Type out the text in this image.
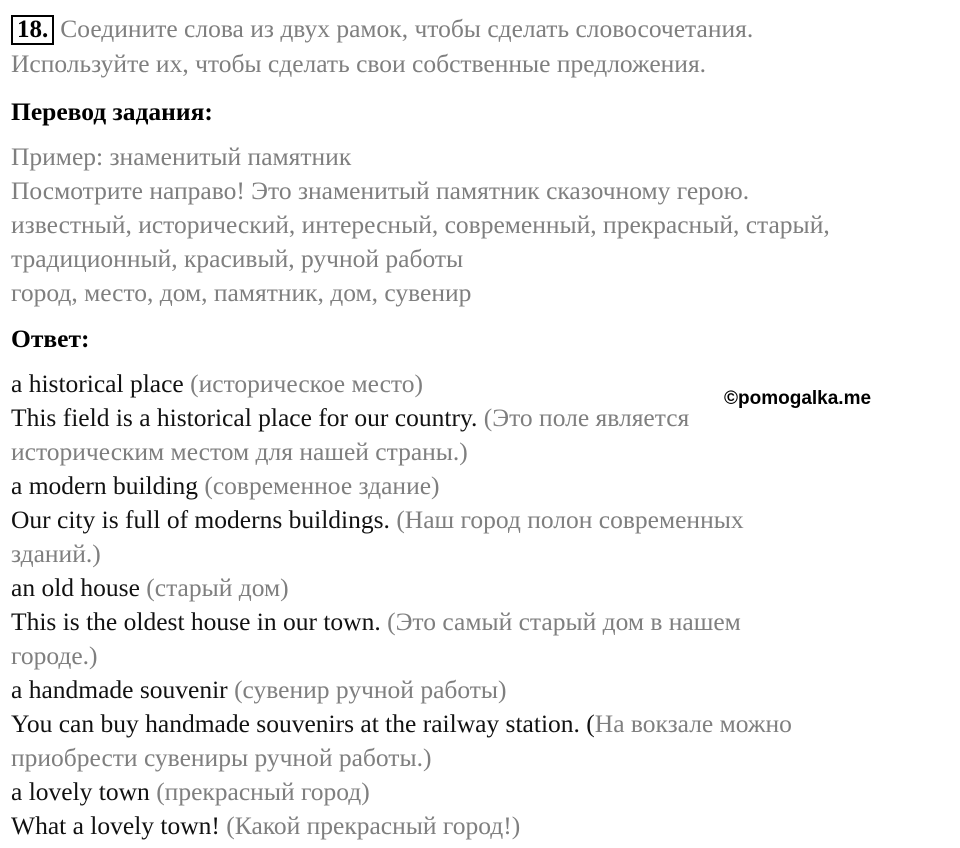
18. Соедините слова из двух рамок, чтобы сделать словосочетания.
Используйте их, чтобы сделать свои собственные предложения.
Перевод задания:
Пример: знаменитый памятник
Посмотрите направо! Это знаменитый памятник сказочному герою.
известный, исторический, интересный, современный, прекрасный, старый,
традиционный, красивый, ручной работы
город, место, дом, памятник, дом, сувенир
Ответ:
a historical place (историческое место)
This field is a historical place for our country. (Это поле является
историческим местом для нашей страны.)
a modern building (современное здание)
Our city is full of moderns buildings. (Наш город полон современных
зданий.)
an old house (старый дом)
This is the oldest house in our town. (Это самый старый дом в нашем
городе.)
a handmade souvenir (сувенир ручной работы)
You can buy handmade souvenirs at the railway station. (На вокзале можно
приобрести сувениры ручной работы.)
a lovely town (прекрасный город)
What a lovely town! (Какой прекрасный город!)
©pomogalka.me
